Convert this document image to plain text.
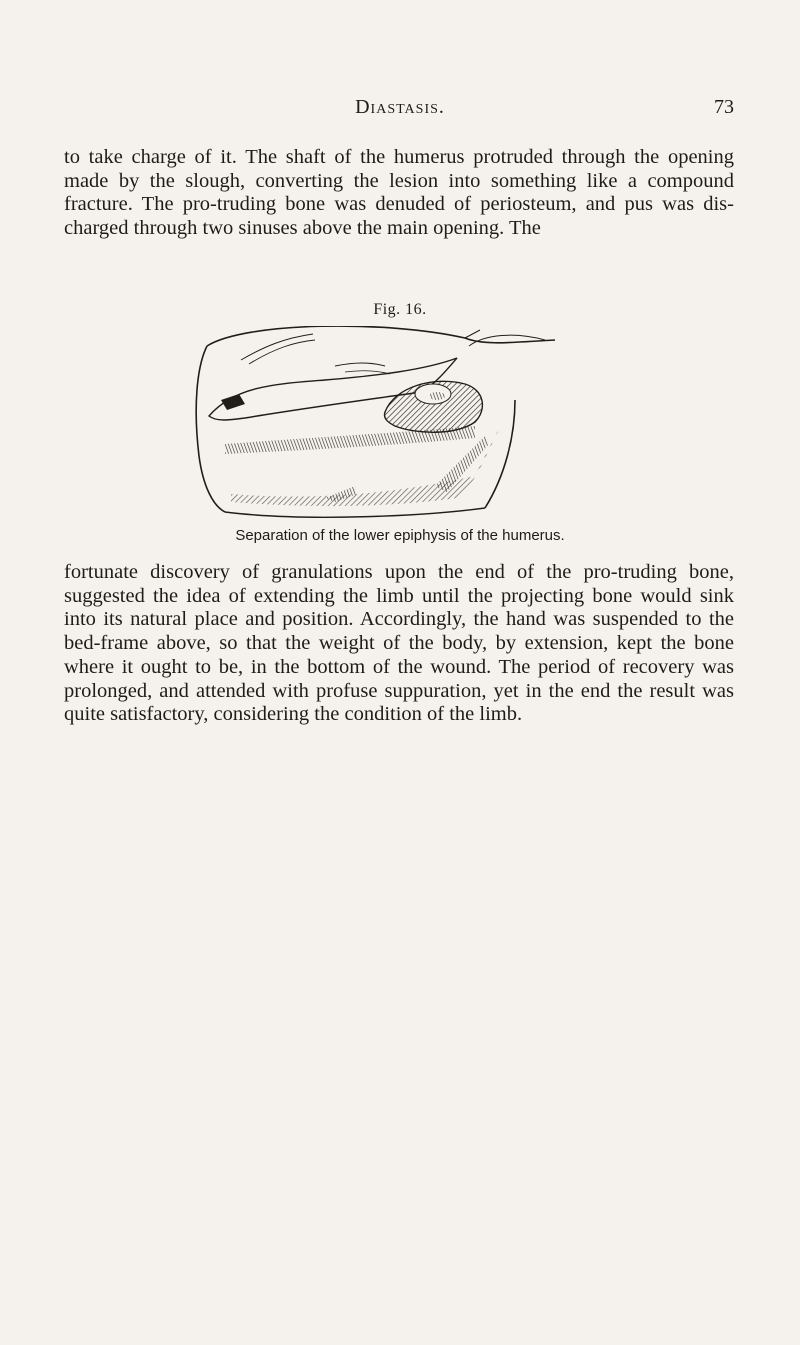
Diastasis.	73

to take charge of it. The shaft of the humerus protruded through the opening made by the slough, converting the lesion into something like a compound fracture. The pro-truding bone was denuded of periosteum, and pus was dis-charged through two sinuses above the main opening. The

Fig. 16.
Separation of the lower epiphysis of the humerus.

fortunate discovery of granulations upon the end of the pro-truding bone, suggested the idea of extending the limb until the projecting bone would sink into its natural place and position. Accordingly, the hand was suspended to the bed-frame above, so that the weight of the body, by extension, kept the bone where it ought to be, in the bottom of the wound. The period of recovery was prolonged, and attended with profuse suppuration, yet in the end the result was quite satisfactory, considering the condition of the limb.
